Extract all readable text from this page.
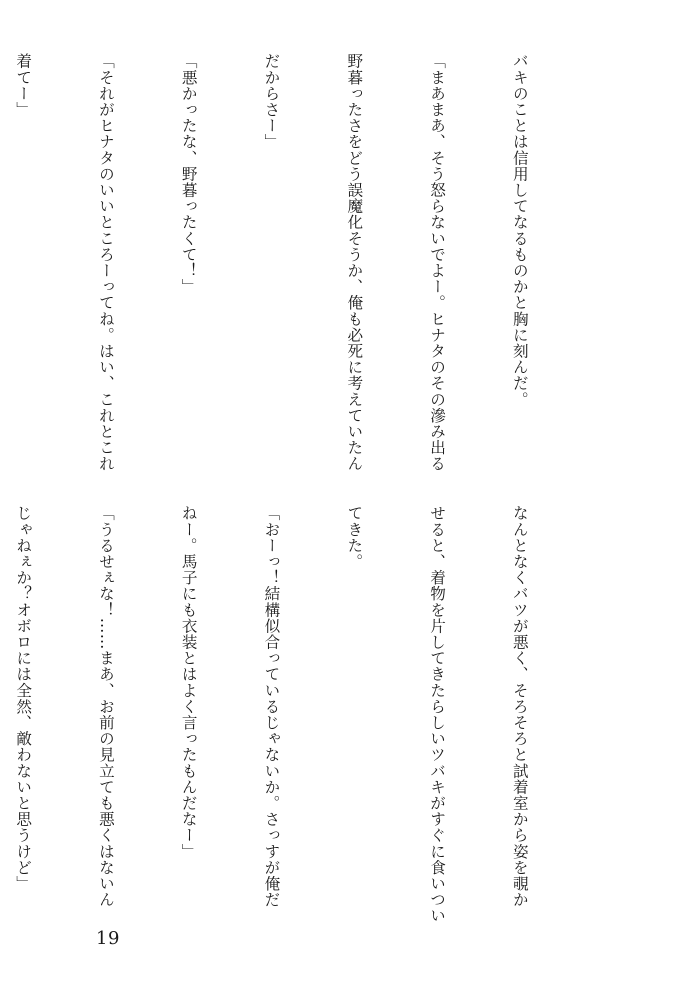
バキのことは信用してなるものかと胸に刻んだ。

「まあまあ、そう怒らないでよー。ヒナタのその滲み出る

野暮ったさをどう誤魔化そうか、俺も必死に考えていたん

だからさー」

「悪かったな、野暮ったくて！」

「それがヒナタのいいところーってね。はい、これとこれ

着てー」

なんとなくバツが悪く、そろそろと試着室から姿を覗か

せると、着物を片してきたらしいツバキがすぐに食いつい

てきた。

「おーっ！結構似合っているじゃないか。さっすが俺だ

ねー。馬子にも衣装とはよく言ったもんだなー」

「うるせぇな！……まあ、お前の見立ても悪くはないん

じゃねぇか？オボロには全然、敵わないと思うけど」

19
